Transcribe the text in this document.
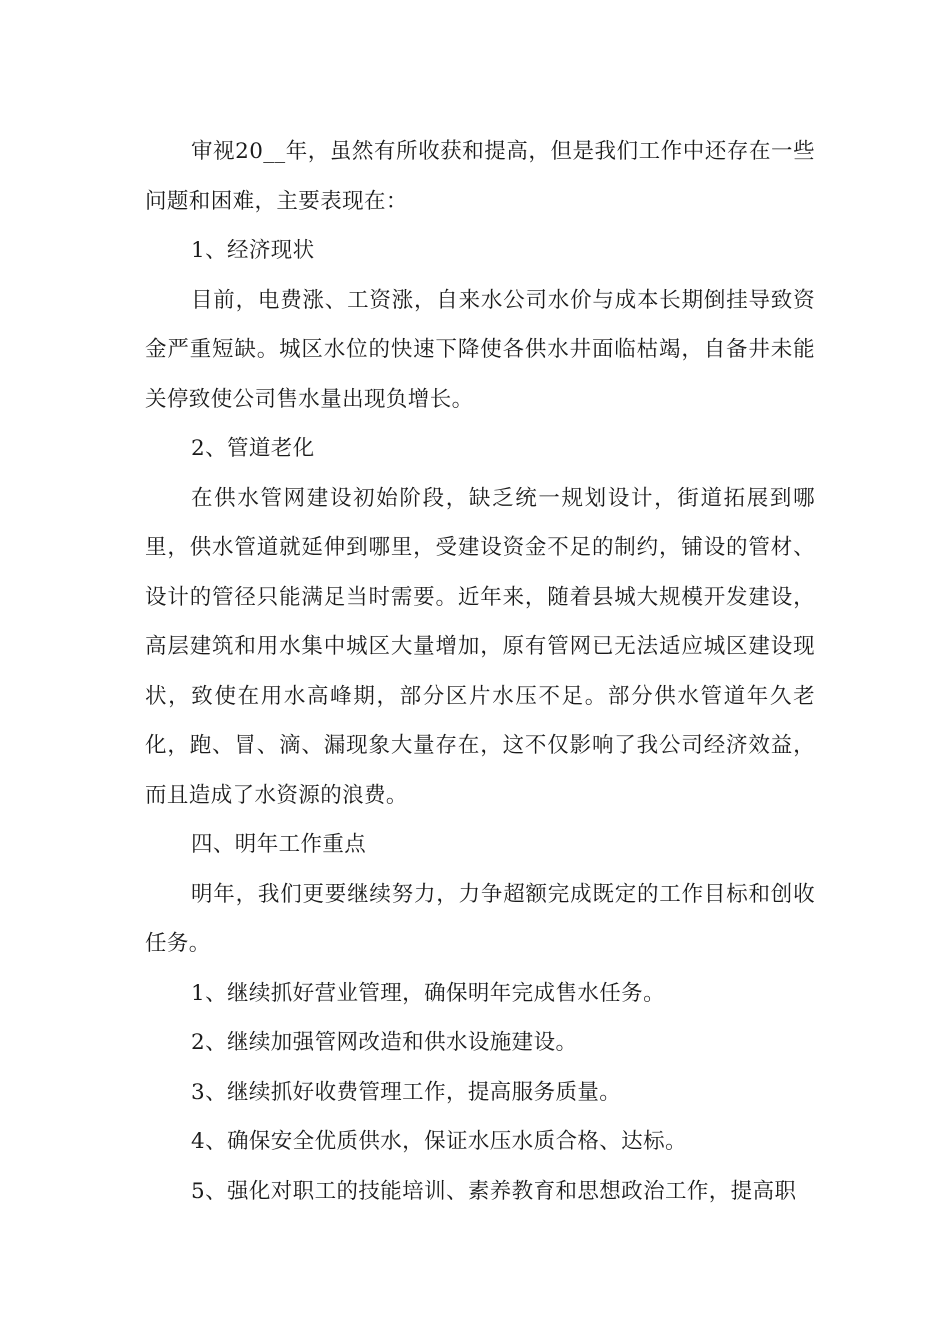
审视20__年，虽然有所收获和提高，但是我们工作中还存在一些问题和困难，主要表现在：

1、经济现状

目前，电费涨、工资涨，自来水公司水价与成本长期倒挂导致资金严重短缺。城区水位的快速下降使各供水井面临枯竭，自备井未能关停致使公司售水量出现负增长。

2、管道老化

在供水管网建设初始阶段，缺乏统一规划设计，街道拓展到哪里，供水管道就延伸到哪里，受建设资金不足的制约，铺设的管材、设计的管径只能满足当时需要。近年来，随着县城大规模开发建设，高层建筑和用水集中城区大量增加，原有管网已无法适应城区建设现状，致使在用水高峰期，部分区片水压不足。部分供水管道年久老化，跑、冒、滴、漏现象大量存在，这不仅影响了我公司经济效益，而且造成了水资源的浪费。

四、明年工作重点

明年，我们更要继续努力，力争超额完成既定的工作目标和创收任务。

1、继续抓好营业管理，确保明年完成售水任务。

2、继续加强管网改造和供水设施建设。

3、继续抓好收费管理工作，提高服务质量。

4、确保安全优质供水，保证水压水质合格、达标。

5、强化对职工的技能培训、素养教育和思想政治工作，提高职
